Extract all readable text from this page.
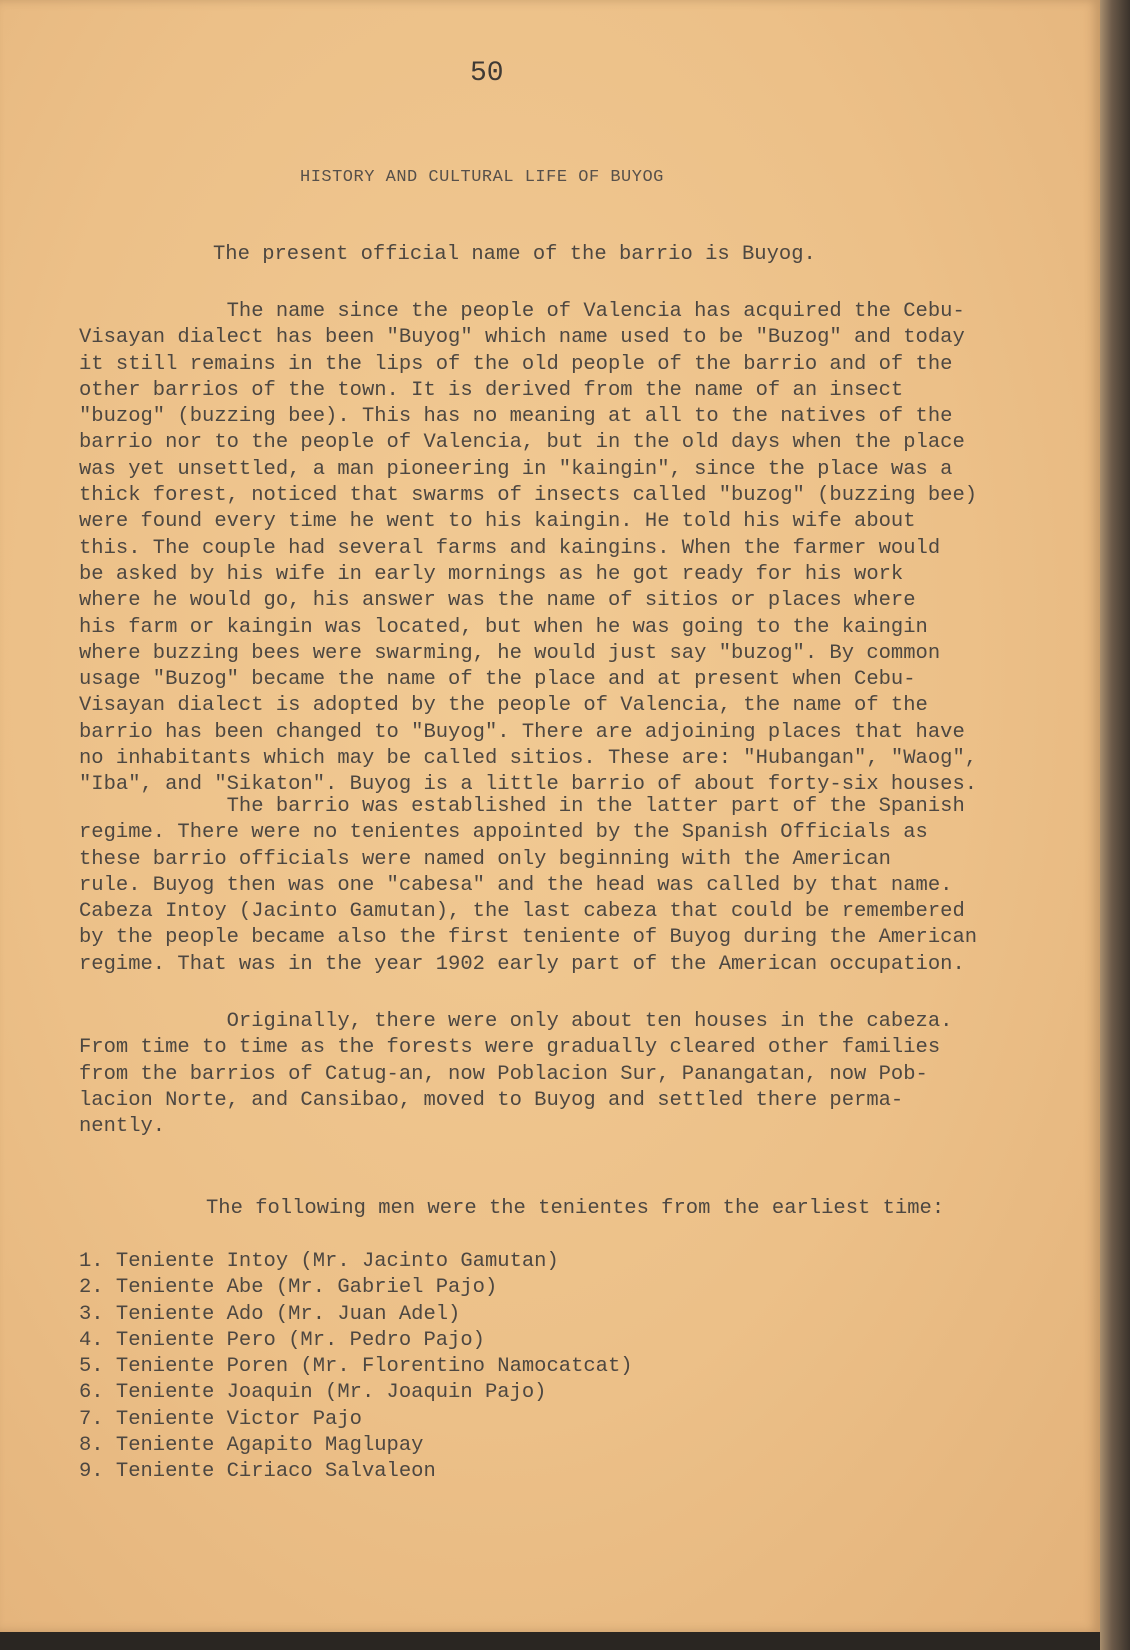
50
HISTORY AND CULTURAL LIFE OF BUYOG

The present official name of the barrio is Buyog.

The name since the people of Valencia has acquired the Cebu-
Visayan dialect has been "Buyog" which name used to be "Buzog" and today
it still remains in the lips of the old people of the barrio and of the
other barrios of the town. It is derived from the name of an insect
"buzog" (buzzing bee). This has no meaning at all to the natives of the
barrio nor to the people of Valencia, but in the old days when the place
was yet unsettled, a man pioneering in "kaingin", since the place was a
thick forest, noticed that swarms of insects called "buzog" (buzzing bee)
were found every time he went to his kaingin. He told his wife about
this. The couple had several farms and kaingins. When the farmer would
be asked by his wife in early mornings as he got ready for his work
where he would go, his answer was the name of sitios or places where
his farm or kaingin was located, but when he was going to the kaingin
where buzzing bees were swarming, he would just say "buzog". By common
usage "Buzog" became the name of the place and at present when Cebu-
Visayan dialect is adopted by the people of Valencia, the name of the
barrio has been changed to "Buyog". There are adjoining places that have
no inhabitants which may be called sitios. These are: "Hubangan", "Waog",
"Iba", and "Sikaton". Buyog is a little barrio of about forty-six houses.

The barrio was established in the latter part of the Spanish
regime. There were no tenientes appointed by the Spanish Officials as
these barrio officials were named only beginning with the American
rule. Buyog then was one "cabesa" and the head was called by that name.
Cabeza Intoy (Jacinto Gamutan), the last cabeza that could be remembered
by the people became also the first teniente of Buyog during the American
regime. That was in the year 1902 early part of the American occupation.

Originally, there were only about ten houses in the cabeza.
From time to time as the forests were gradually cleared other families
from the barrios of Catug-an, now Poblacion Sur, Panangatan, now Pob-
lacion Norte, and Cansibao, moved to Buyog and settled there perma-
nently.

The following men were the tenientes from the earliest time:

1. Teniente Intoy (Mr. Jacinto Gamutan)
2. Teniente Abe (Mr. Gabriel Pajo)
3. Teniente Ado (Mr. Juan Adel)
4. Teniente Pero (Mr. Pedro Pajo)
5. Teniente Poren (Mr. Florentino Namocatcat)
6. Teniente Joaquin (Mr. Joaquin Pajo)
7. Teniente Victor Pajo
8. Teniente Agapito Maglupay
9. Teniente Ciriaco Salvaleon
